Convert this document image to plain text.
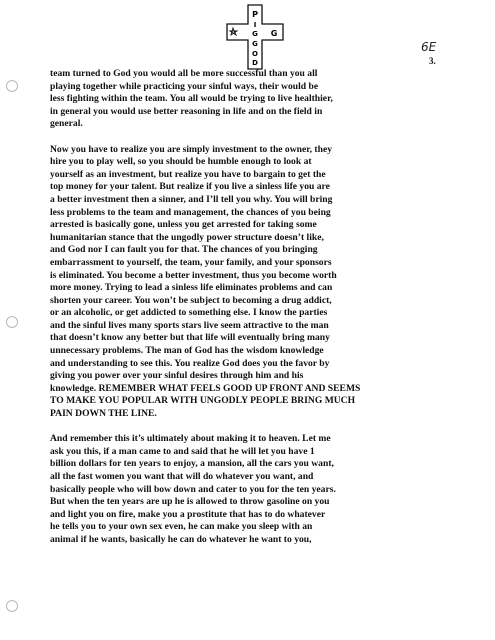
P
I
G
G
O
D
G
6E
3.
team turned to God you would all be more successful than you all
playing together while practicing your sinful ways, their would be
less fighting within the team. You all would be trying to live healthier,
in general you would use better reasoning in life and on the field in
general.
Now you have to realize you are simply investment to the owner, they
hire you to play well, so you should be humble enough to look at
yourself as an investment, but realize you have to bargain to get the
top money for your talent. But realize if you live a sinless life you are
a better investment then a sinner, and I’ll tell you why. You will bring
less problems to the team and management, the chances of you being
arrested is basically gone, unless you get arrested for taking some
humanitarian stance that the ungodly power structure doesn’t like,
and God nor I can fault you for that. The chances of you bringing
embarrassment to yourself, the team, your family, and your sponsors
is eliminated. You become a better investment, thus you become worth
more money. Trying to lead a sinless life eliminates problems and can
shorten your career. You won’t be subject to becoming a drug addict,
or an alcoholic, or get addicted to something else. I know the parties
and the sinful lives many sports stars live seem attractive to the man
that doesn’t know any better but that life will eventually bring many
unnecessary problems. The man of God has the wisdom knowledge
and understanding to see this. You realize God does you the favor by
giving you power over your sinful desires through him and his
knowledge. REMEMBER WHAT FEELS GOOD UP FRONT AND SEEMS
TO MAKE YOU POPULAR WITH UNGODLY PEOPLE BRING MUCH
PAIN DOWN THE LINE.
And remember this it’s ultimately about making it to heaven. Let me
ask you this, if a man came to and said that he will let you have 1
billion dollars for ten years to enjoy, a mansion, all the cars you want,
all the fast women you want that will do whatever you want, and
basically people who will bow down and cater to you for the ten years.
But when the ten years are up he is allowed to throw gasoline on you
and light you on fire, make you a prostitute that has to do whatever
he tells you to your own sex even, he can make you sleep with an
animal if he wants, basically he can do whatever he want to you,
